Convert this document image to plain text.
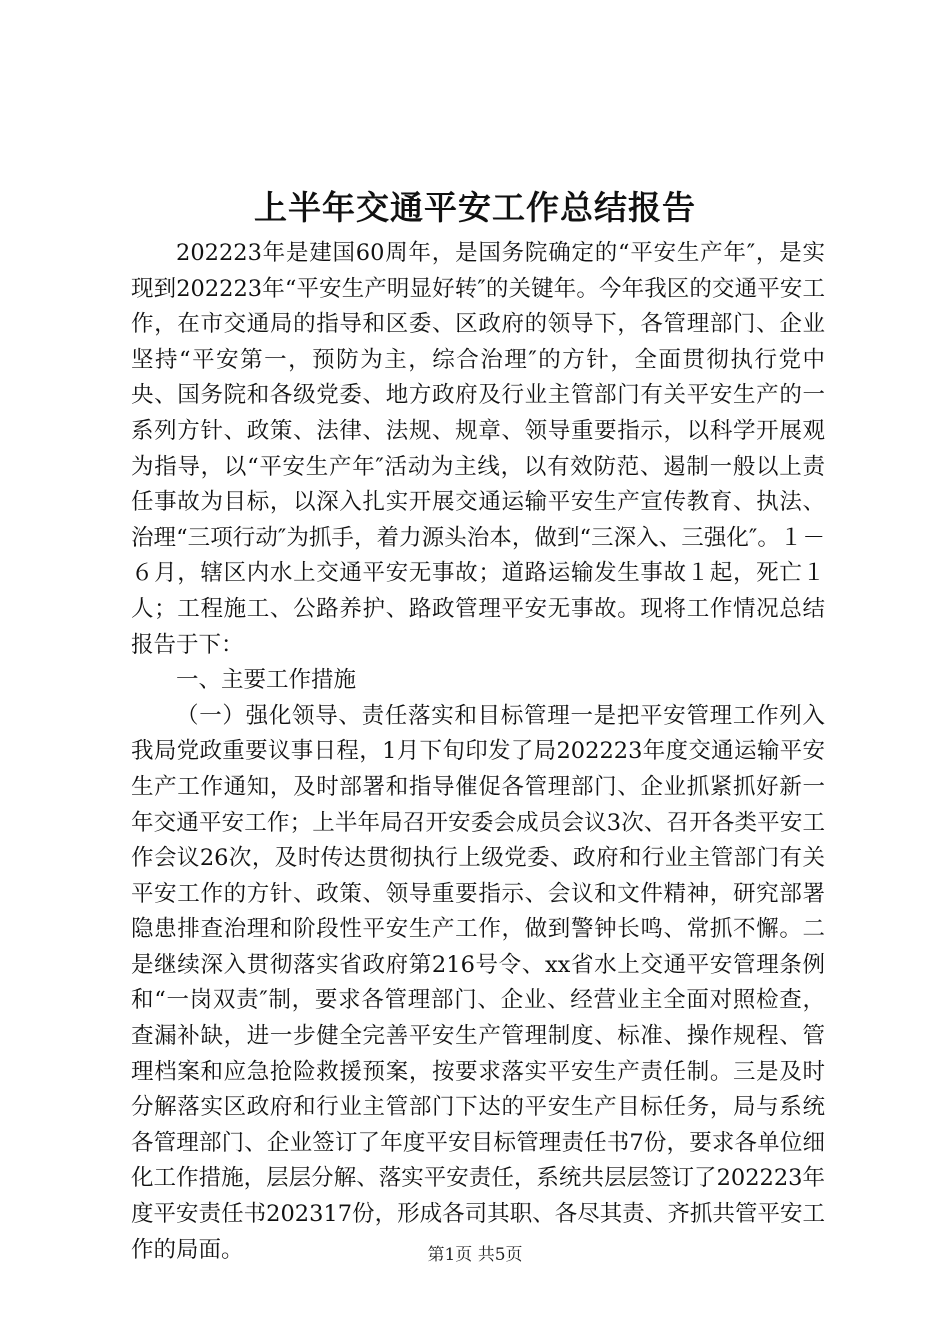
上半年交通平安工作总结报告

202223年是建国60周年，是国务院确定的“平安生产年″，是实现到202223年“平安生产明显好转″的关键年。今年我区的交通平安工作，在市交通局的指导和区委、区政府的领导下，各管理部门、企业坚持“平安第一，预防为主，综合治理″的方针，全面贯彻执行党中央、国务院和各级党委、地方政府及行业主管部门有关平安生产的一系列方针、政策、法律、法规、规章、领导重要指示，以科学开展观为指导，以“平安生产年″活动为主线，以有效防范、遏制一般以上责任事故为目标，以深入扎实开展交通运输平安生产宣传教育、执法、治理“三项行动″为抓手，着力源头治本，做到“三深入、三强化″。１－６月，辖区内水上交通平安无事故；道路运输发生事故１起，死亡１人；工程施工、公路养护、路政管理平安无事故。现将工作情况总结报告于下：

一、主要工作措施

（一）强化领导、责任落实和目标管理一是把平安管理工作列入我局党政重要议事日程，1月下旬印发了局202223年度交通运输平安生产工作通知，及时部署和指导催促各管理部门、企业抓紧抓好新一年交通平安工作；上半年局召开安委会成员会议3次、召开各类平安工作会议26次，及时传达贯彻执行上级党委、政府和行业主管部门有关平安工作的方针、政策、领导重要指示、会议和文件精神，研究部署隐患排查治理和阶段性平安生产工作，做到警钟长鸣、常抓不懈。二是继续深入贯彻落实省政府第216号令、xx省水上交通平安管理条例和“一岗双责″制，要求各管理部门、企业、经营业主全面对照检查，查漏补缺，进一步健全完善平安生产管理制度、标准、操作规程、管理档案和应急抢险救援预案，按要求落实平安生产责任制。三是及时分解落实区政府和行业主管部门下达的平安生产目标任务，局与系统各管理部门、企业签订了年度平安目标管理责任书7份，要求各单位细化工作措施，层层分解、落实平安责任，系统共层层签订了202223年度平安责任书202317份，形成各司其职、各尽其责、齐抓共管平安工作的局面。	第1页 共5页
